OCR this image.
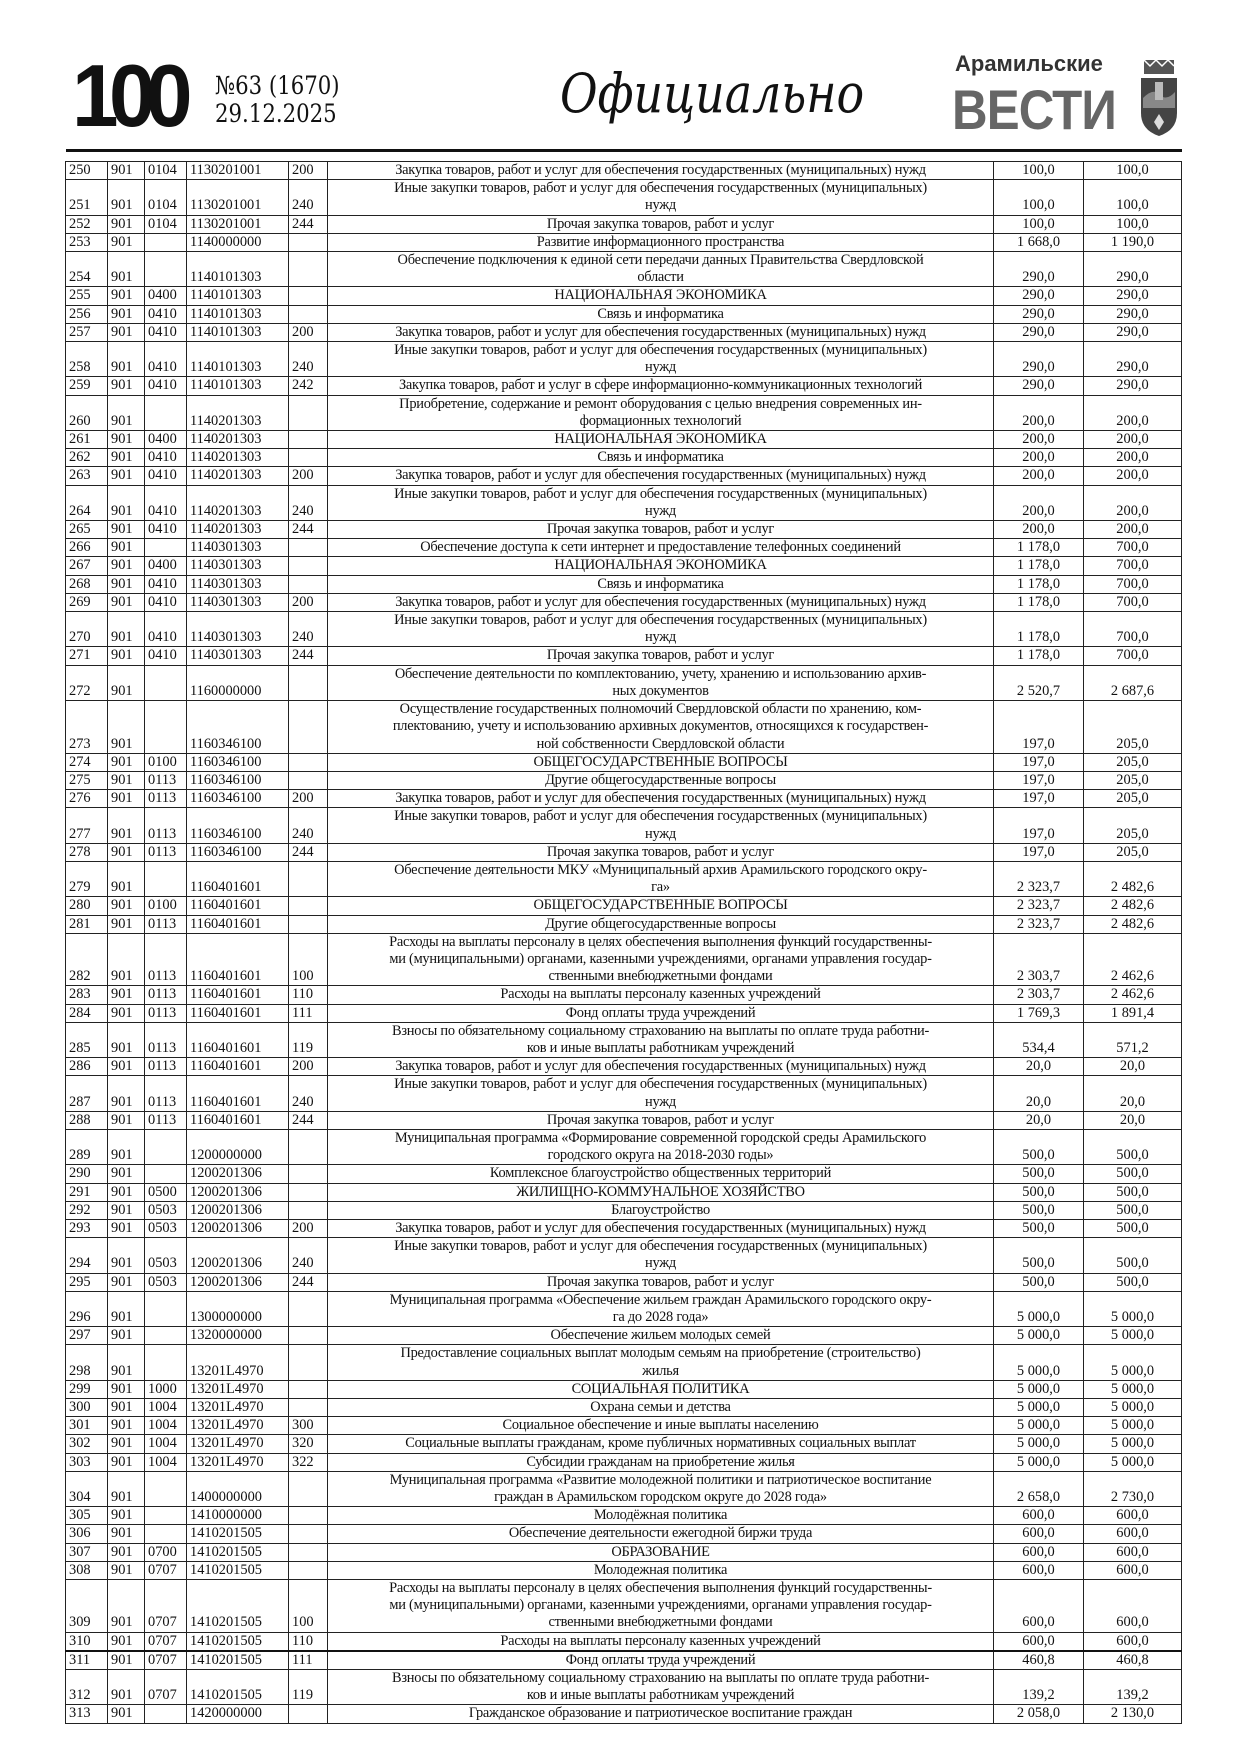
100 №63 (1670)
29.12.2025	Официально	Арамильские
ВЕСТИ
250	901	0104	1130201001	200	Закупка товаров, работ и услуг для обеспечения государственных (муниципальных) нужд	100,0	100,0
251	901	0104	1130201001	240	Иные закупки товаров, работ и услуг для обеспечения государственных (муниципальных)
нужд	100,0	100,0
252	901	0104	1130201001	244	Прочая закупка товаров, работ и услуг	100,0	100,0
253	901		1140000000		Развитие информационного пространства	1 668,0	1 190,0
254	901		1140101303		Обеспечение подключения к единой сети передачи данных Правительства Свердловской
области	290,0	290,0
255	901	0400	1140101303		НАЦИОНАЛЬНАЯ ЭКОНОМИКА	290,0	290,0
256	901	0410	1140101303		Связь и информатика	290,0	290,0
257	901	0410	1140101303	200	Закупка товаров, работ и услуг для обеспечения государственных (муниципальных) нужд	290,0	290,0
258	901	0410	1140101303	240	Иные закупки товаров, работ и услуг для обеспечения государственных (муниципальных)
нужд	290,0	290,0
259	901	0410	1140101303	242	Закупка товаров, работ и услуг в сфере информационно-коммуникационных технологий	290,0	290,0
260	901		1140201303		Приобретение, содержание и ремонт оборудования с целью внедрения современных ин-
формационных технологий	200,0	200,0
261	901	0400	1140201303		НАЦИОНАЛЬНАЯ ЭКОНОМИКА	200,0	200,0
262	901	0410	1140201303		Связь и информатика	200,0	200,0
263	901	0410	1140201303	200	Закупка товаров, работ и услуг для обеспечения государственных (муниципальных) нужд	200,0	200,0
264	901	0410	1140201303	240	Иные закупки товаров, работ и услуг для обеспечения государственных (муниципальных)
нужд	200,0	200,0
265	901	0410	1140201303	244	Прочая закупка товаров, работ и услуг	200,0	200,0
266	901		1140301303		Обеспечение доступа к сети интернет и предоставление телефонных соединений	1 178,0	700,0
267	901	0400	1140301303		НАЦИОНАЛЬНАЯ ЭКОНОМИКА	1 178,0	700,0
268	901	0410	1140301303		Связь и информатика	1 178,0	700,0
269	901	0410	1140301303	200	Закупка товаров, работ и услуг для обеспечения государственных (муниципальных) нужд	1 178,0	700,0
270	901	0410	1140301303	240	Иные закупки товаров, работ и услуг для обеспечения государственных (муниципальных)
нужд	1 178,0	700,0
271	901	0410	1140301303	244	Прочая закупка товаров, работ и услуг	1 178,0	700,0
272	901		1160000000		Обеспечение деятельности по комплектованию, учету, хранению и использованию архив-
ных документов	2 520,7	2 687,6
273	901		1160346100		Осуществление государственных полномочий Свердловской области по хранению, ком-
плектованию, учету и использованию архивных документов, относящихся к государствен-
ной собственности Свердловской области	197,0	205,0
274	901	0100	1160346100		ОБЩЕГОСУДАРСТВЕННЫЕ ВОПРОСЫ	197,0	205,0
275	901	0113	1160346100		Другие общегосударственные вопросы	197,0	205,0
276	901	0113	1160346100	200	Закупка товаров, работ и услуг для обеспечения государственных (муниципальных) нужд	197,0	205,0
277	901	0113	1160346100	240	Иные закупки товаров, работ и услуг для обеспечения государственных (муниципальных)
нужд	197,0	205,0
278	901	0113	1160346100	244	Прочая закупка товаров, работ и услуг	197,0	205,0
279	901		1160401601		Обеспечение деятельности МКУ «Муниципальный архив Арамильского городского окру-
га»	2 323,7	2 482,6
280	901	0100	1160401601		ОБЩЕГОСУДАРСТВЕННЫЕ ВОПРОСЫ	2 323,7	2 482,6
281	901	0113	1160401601		Другие общегосударственные вопросы	2 323,7	2 482,6
282	901	0113	1160401601	100	Расходы на выплаты персоналу в целях обеспечения выполнения функций государственны-
ми (муниципальными) органами, казенными учреждениями, органами управления государ-
ственными внебюджетными фондами	2 303,7	2 462,6
283	901	0113	1160401601	110	Расходы на выплаты персоналу казенных учреждений	2 303,7	2 462,6
284	901	0113	1160401601	111	Фонд оплаты труда учреждений	1 769,3	1 891,4
285	901	0113	1160401601	119	Взносы по обязательному социальному страхованию на выплаты по оплате труда работни-
ков и иные выплаты работникам учреждений	534,4	571,2
286	901	0113	1160401601	200	Закупка товаров, работ и услуг для обеспечения государственных (муниципальных) нужд	20,0	20,0
287	901	0113	1160401601	240	Иные закупки товаров, работ и услуг для обеспечения государственных (муниципальных)
нужд	20,0	20,0
288	901	0113	1160401601	244	Прочая закупка товаров, работ и услуг	20,0	20,0
289	901		1200000000		Муниципальная программа «Формирование современной городской среды Арамильского
городского округа на 2018-2030 годы»	500,0	500,0
290	901		1200201306		Комплексное благоустройство общественных территорий	500,0	500,0
291	901	0500	1200201306		ЖИЛИЩНО-КОММУНАЛЬНОЕ ХОЗЯЙСТВО	500,0	500,0
292	901	0503	1200201306		Благоустройство	500,0	500,0
293	901	0503	1200201306	200	Закупка товаров, работ и услуг для обеспечения государственных (муниципальных) нужд	500,0	500,0
294	901	0503	1200201306	240	Иные закупки товаров, работ и услуг для обеспечения государственных (муниципальных)
нужд	500,0	500,0
295	901	0503	1200201306	244	Прочая закупка товаров, работ и услуг	500,0	500,0
296	901		1300000000		Муниципальная программа «Обеспечение жильем граждан Арамильского городского окру-
га до 2028 года»	5 000,0	5 000,0
297	901		1320000000		Обеспечение жильем молодых семей	5 000,0	5 000,0
298	901		13201L4970		Предоставление социальных выплат молодым семьям на приобретение (строительство)
жилья	5 000,0	5 000,0
299	901	1000	13201L4970		СОЦИАЛЬНАЯ ПОЛИТИКА	5 000,0	5 000,0
300	901	1004	13201L4970		Охрана семьи и детства	5 000,0	5 000,0
301	901	1004	13201L4970	300	Социальное обеспечение и иные выплаты населению	5 000,0	5 000,0
302	901	1004	13201L4970	320	Социальные выплаты гражданам, кроме публичных нормативных социальных выплат	5 000,0	5 000,0
303	901	1004	13201L4970	322	Субсидии гражданам на приобретение жилья	5 000,0	5 000,0
304	901		1400000000		Муниципальная программа «Развитие молодежной политики и патриотическое воспитание
граждан в Арамильском городском округе до 2028 года»	2 658,0	2 730,0
305	901		1410000000		Молодёжная политика	600,0	600,0
306	901		1410201505		Обеспечение деятельности ежегодной биржи труда	600,0	600,0
307	901	0700	1410201505		ОБРАЗОВАНИЕ	600,0	600,0
308	901	0707	1410201505		Молодежная политика	600,0	600,0
309	901	0707	1410201505	100	Расходы на выплаты персоналу в целях обеспечения выполнения функций государственны-
ми (муниципальными) органами, казенными учреждениями, органами управления государ-
ственными внебюджетными фондами	600,0	600,0
310	901	0707	1410201505	110	Расходы на выплаты персоналу казенных учреждений	600,0	600,0
311	901	0707	1410201505	111	Фонд оплаты труда учреждений	460,8	460,8
312	901	0707	1410201505	119	Взносы по обязательному социальному страхованию на выплаты по оплате труда работни-
ков и иные выплаты работникам учреждений	139,2	139,2
313	901		1420000000		Гражданское образование и патриотическое воспитание граждан	2 058,0	2 130,0
